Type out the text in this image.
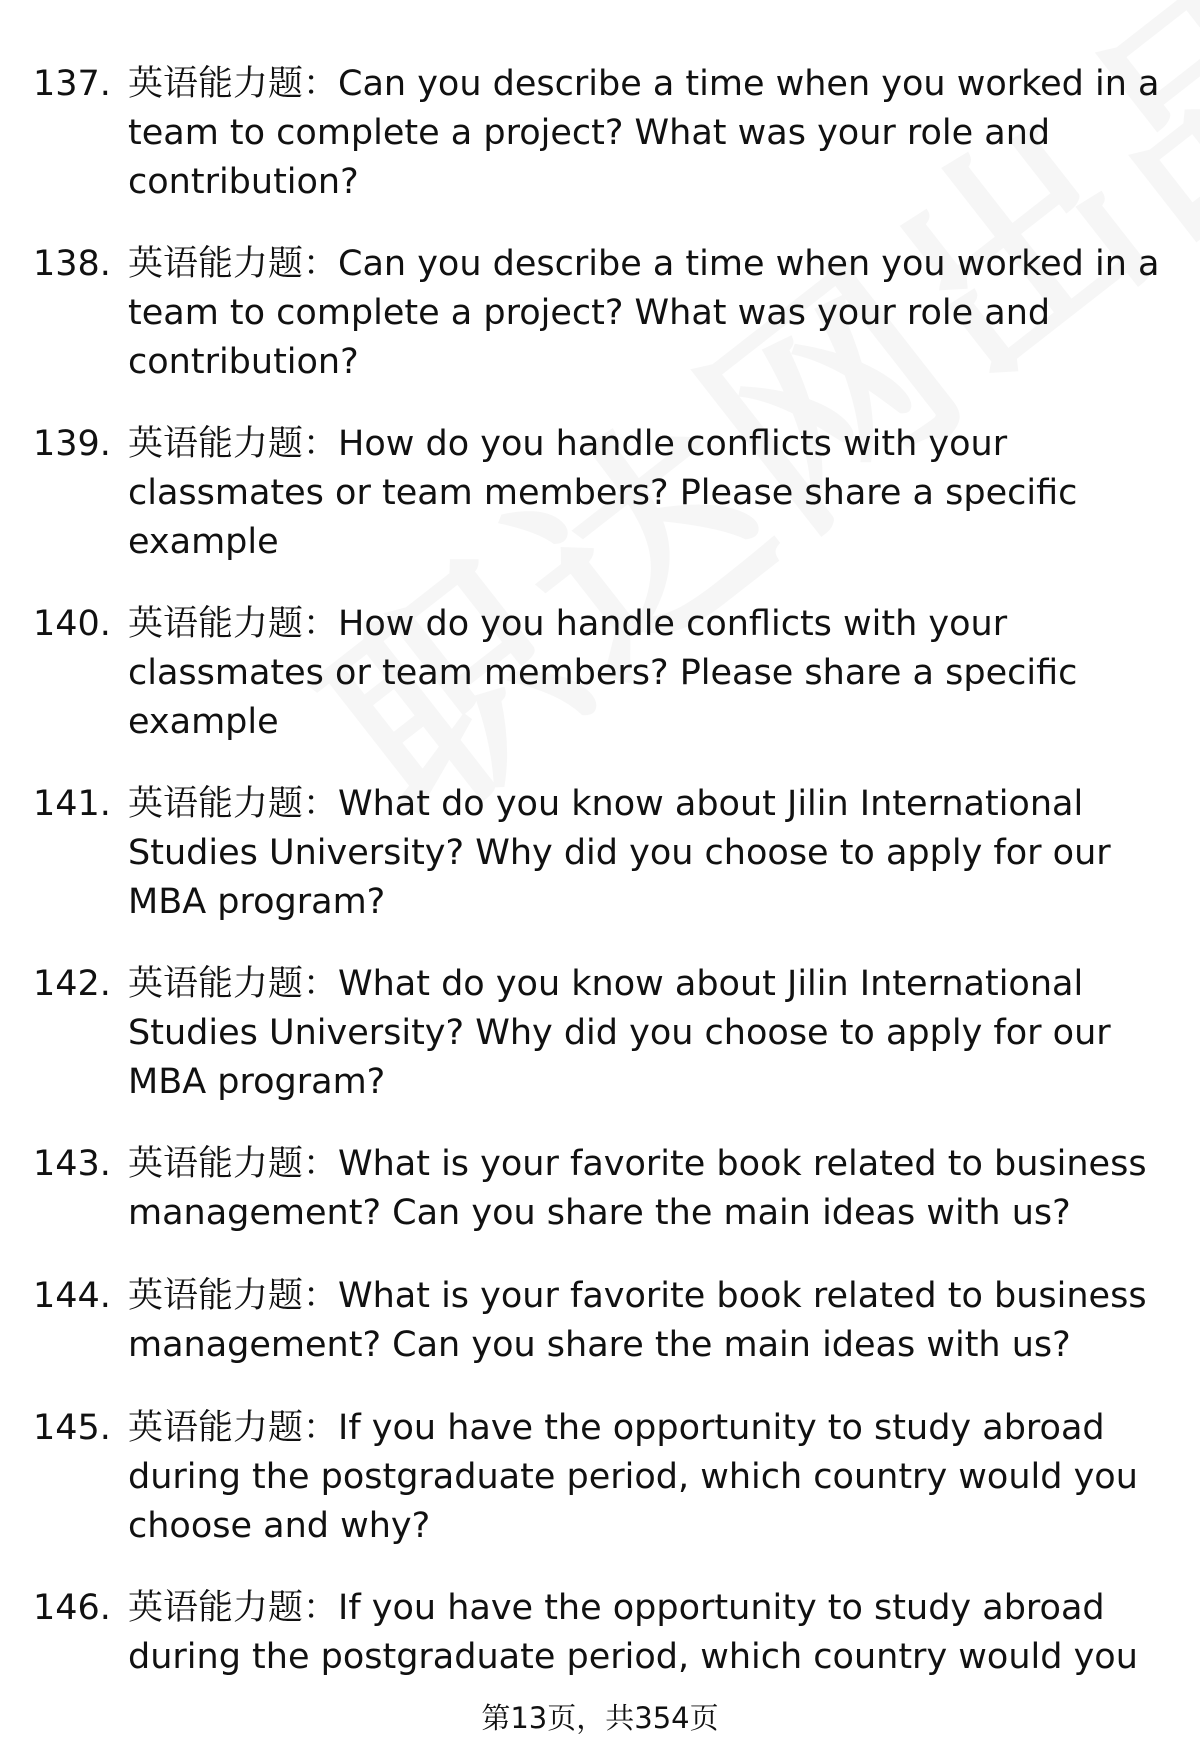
137. 英语能力题：Can you describe a time when you worked in a
team to complete a project? What was your role and
contribution?
138. 英语能力题：Can you describe a time when you worked in a
team to complete a project? What was your role and
contribution?
139. 英语能力题：How do you handle conflicts with your
classmates or team members? Please share a specific
example
140. 英语能力题：How do you handle conflicts with your
classmates or team members? Please share a specific
example
141. 英语能力题：What do you know about Jilin International
Studies University? Why did you choose to apply for our
MBA program?
142. 英语能力题：What do you know about Jilin International
Studies University? Why did you choose to apply for our
MBA program?
143. 英语能力题：What is your favorite book related to business
management? Can you share the main ideas with us?
144. 英语能力题：What is your favorite book related to business
management? Can you share the main ideas with us?
145. 英语能力题：If you have the opportunity to study abroad
during the postgraduate period, which country would you
choose and why?
146. 英语能力题：If you have the opportunity to study abroad
during the postgraduate period, which country would you
第13页，共354页
